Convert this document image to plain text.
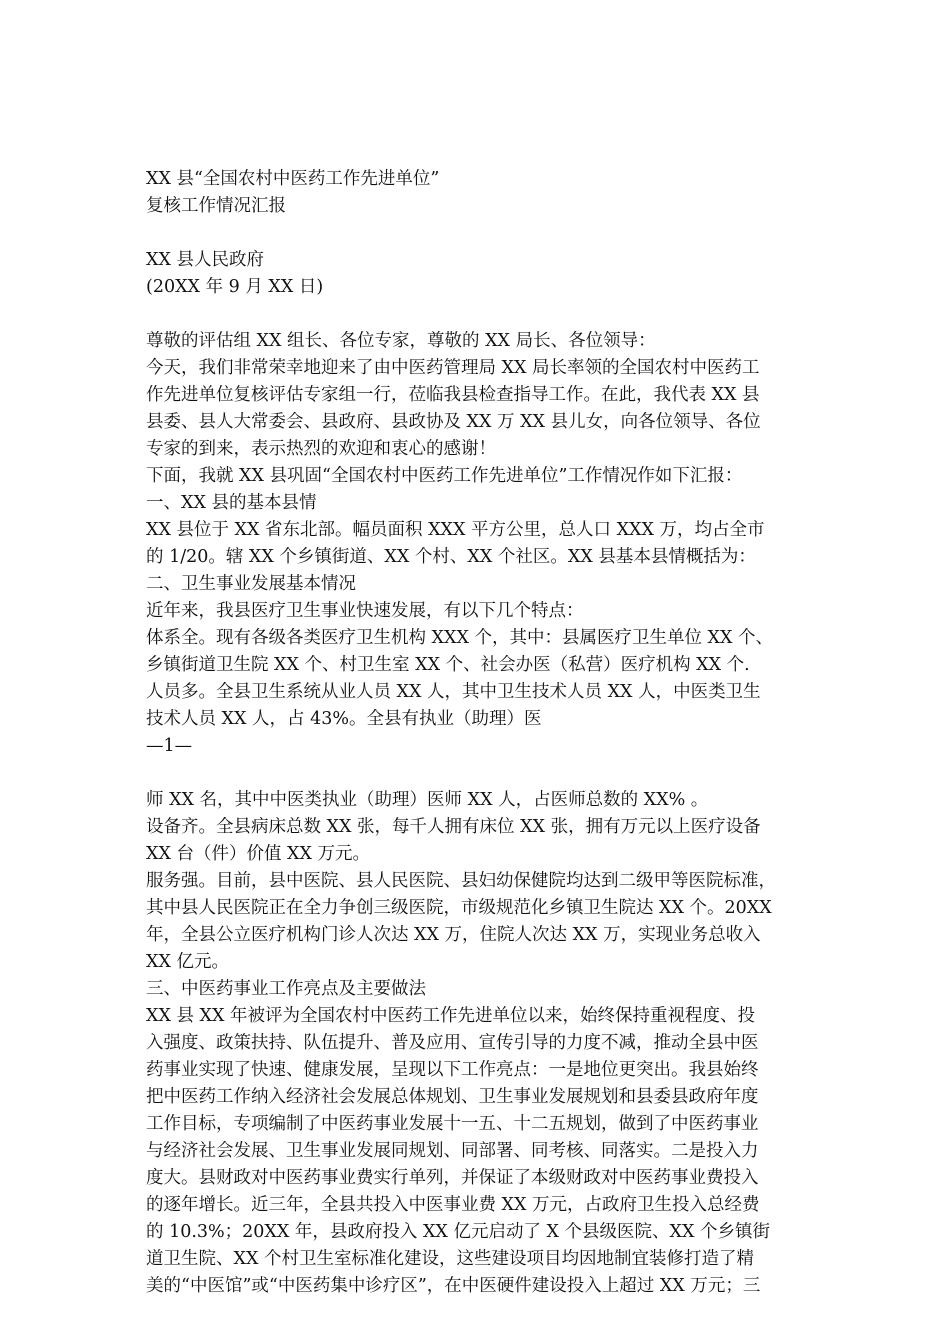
XX 县“全国农村中医药工作先进单位”
复核工作情况汇报
XX 县人民政府
(20XX 年 9 月 XX 日)
尊敬的评估组 XX 组长、各位专家，尊敬的 XX 局长、各位领导：
今天，我们非常荣幸地迎来了由中医药管理局 XX 局长率领的全国农村中医药工
作先进单位复核评估专家组一行，莅临我县检查指导工作。在此，我代表 XX 县
县委、县人大常委会、县政府、县政协及 XX 万 XX 县儿女，向各位领导、各位
专家的到来，表示热烈的欢迎和衷心的感谢！
下面，我就 XX 县巩固“全国农村中医药工作先进单位”工作情况作如下汇报：
一、XX 县的基本县情
XX 县位于 XX 省东北部。幅员面积 XXX 平方公里，总人口 XXX 万，均占全市
的 1/20。辖 XX 个乡镇街道、XX 个村、XX 个社区。XX 县基本县情概括为：
二、卫生事业发展基本情况
近年来，我县医疗卫生事业快速发展，有以下几个特点：
体系全。现有各级各类医疗卫生机构 XXX 个，其中：县属医疗卫生单位 XX 个、
乡镇街道卫生院 XX 个、村卫生室 XX 个、社会办医（私营）医疗机构 XX 个.
人员多。全县卫生系统从业人员 XX 人，其中卫生技术人员 XX 人，中医类卫生
技术人员 XX 人，占 43%。全县有执业（助理）医
—1—
师 XX 名，其中中医类执业（助理）医师 XX 人，占医师总数的 XX% 。
设备齐。全县病床总数 XX 张，每千人拥有床位 XX 张，拥有万元以上医疗设备
XX 台（件）价值 XX 万元。
服务强。目前，县中医院、县人民医院、县妇幼保健院均达到二级甲等医院标准，
其中县人民医院正在全力争创三级医院，市级规范化乡镇卫生院达 XX 个。20XX
年，全县公立医疗机构门诊人次达 XX 万，住院人次达 XX 万，实现业务总收入
XX 亿元。
三、中医药事业工作亮点及主要做法
XX 县 XX 年被评为全国农村中医药工作先进单位以来，始终保持重视程度、投
入强度、政策扶持、队伍提升、普及应用、宣传引导的力度不减，推动全县中医
药事业实现了快速、健康发展，呈现以下工作亮点：一是地位更突出。我县始终
把中医药工作纳入经济社会发展总体规划、卫生事业发展规划和县委县政府年度
工作目标，专项编制了中医药事业发展十一五、十二五规划，做到了中医药事业
与经济社会发展、卫生事业发展同规划、同部署、同考核、同落实。二是投入力
度大。县财政对中医药事业费实行单列，并保证了本级财政对中医药事业费投入
的逐年增长。近三年，全县共投入中医事业费 XX 万元，占政府卫生投入总经费
的 10.3%；20XX 年，县政府投入 XX 亿元启动了 X 个县级医院、XX 个乡镇街
道卫生院、XX 个村卫生室标准化建设，这些建设项目均因地制宜装修打造了精
美的“中医馆”或“中医药集中诊疗区”，在中医硬件建设投入上超过 XX 万元；三
